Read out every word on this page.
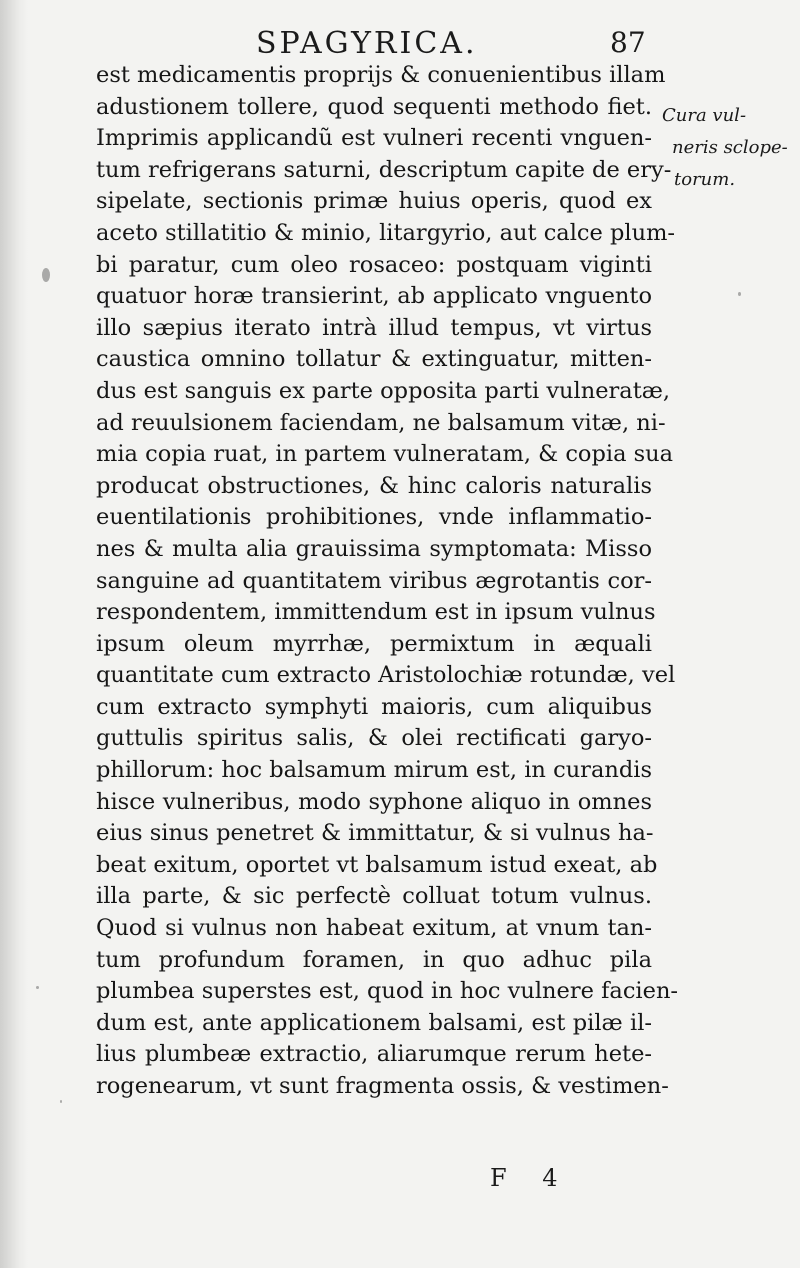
SPAGYRICA.	87
est medicamentis proprijs & conuenientibus illam
adustionem tollere, quod sequenti methodo fiet.
Imprimis applicandũ est vulneri recenti vnguen-
tum refrigerans saturni, descriptum capite de ery-
sipelate, sectionis primæ huius operis, quod ex
aceto stillatitio & minio, litargyrio, aut calce plum-
bi paratur, cum oleo rosaceo: postquam viginti
quatuor horæ transierint, ab applicato vnguento
illo sæpius iterato intrà illud tempus, vt virtus
caustica omnino tollatur & extinguatur, mitten-
dus est sanguis ex parte opposita parti vulneratæ,
ad reuulsionem faciendam, ne balsamum vitæ, ni-
mia copia ruat, in partem vulneratam, & copia sua
producat obstructiones, & hinc caloris naturalis
euentilationis prohibitiones, vnde inflammatio-
nes & multa alia grauissima symptomata: Misso
sanguine ad quantitatem viribus ægrotantis cor-
respondentem, immittendum est in ipsum vulnus
ipsum oleum myrrhæ, permixtum in æquali
quantitate cum extracto Aristolochiæ rotundæ, vel
cum extracto symphyti maioris, cum aliquibus
guttulis spiritus salis, & olei rectificati garyo-
phillorum: hoc balsamum mirum est, in curandis
hisce vulneribus, modo syphone aliquo in omnes
eius sinus penetret & immittatur, & si vulnus ha-
beat exitum, oportet vt balsamum istud exeat, ab
illa parte, & sic perfectè colluat totum vulnus.
Quod si vulnus non habeat exitum, at vnum tan-
tum profundum foramen, in quo adhuc pila
plumbea superstes est, quod in hoc vulnere facien-
dum est, ante applicationem balsami, est pilæ il-
lius plumbeæ extractio, aliarumque rerum hete-
rogenearum, vt sunt fragmenta ossis, & vestimen-
Cura vul-
neris sclope-
torum.
F 4
